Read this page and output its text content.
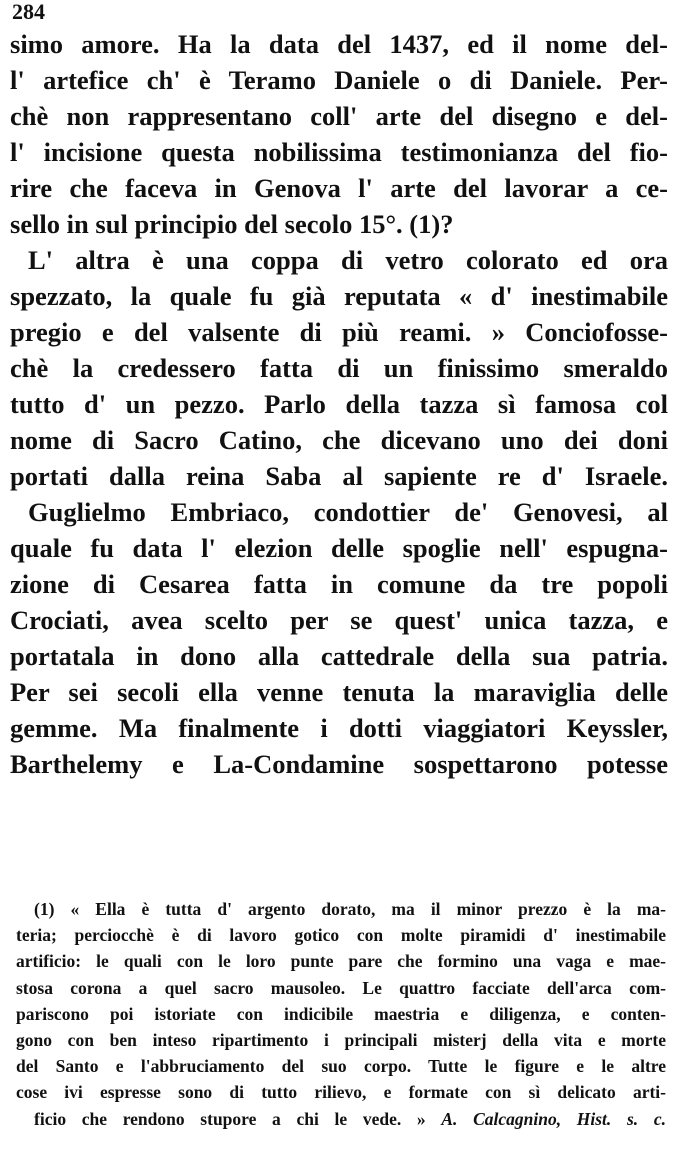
284
simo amore. Ha la data del 1437, ed il nome del-
l' artefice ch' è Teramo Daniele o di Daniele. Per-
chè non rappresentano coll' arte del disegno e del-
l' incisione questa nobilissima testimonianza del fio-
rire che faceva in Genova l' arte del lavorar a ce-
sello in sul principio del secolo 15°. (1)?
L' altra è una coppa di vetro colorato ed ora
spezzato, la quale fu già reputata « d' inestimabile
pregio e del valsente di più reami. » Conciofosse-
chè la credessero fatta di un finissimo smeraldo
tutto d' un pezzo. Parlo della tazza sì famosa col
nome di Sacro Catino, che dicevano uno dei doni
portati dalla reina Saba al sapiente re d' Israele.
Guglielmo Embriaco, condottier de' Genovesi, al
quale fu data l' elezion delle spoglie nell' espugna-
zione di Cesarea fatta in comune da tre popoli
Crociati, avea scelto per se quest' unica tazza, e
portatala in dono alla cattedrale della sua patria.
Per sei secoli ella venne tenuta la maraviglia delle
gemme. Ma finalmente i dotti viaggiatori Keyssler,
Barthelemy e La-Condamine sospettarono potesse
(1) « Ella è tutta d' argento dorato, ma il minor prezzo è la ma-
teria; perciocchè è di lavoro gotico con molte piramidi d' inestimabile
artificio: le quali con le loro punte pare che formino una vaga e mae-
stosa corona a quel sacro mausoleo. Le quattro facciate dell'arca com-
pariscono poi istoriate con indicibile maestria e diligenza, e conten-
gono con ben inteso ripartimento i principali misterj della vita e morte
del Santo e l'abbruciamento del suo corpo. Tutte le figure e le altre
cose ivi espresse sono di tutto rilievo, e formate con sì delicato arti-
ficio che rendono stupore a chi le vede. » A. Calcagnino, Hist. s. c.
